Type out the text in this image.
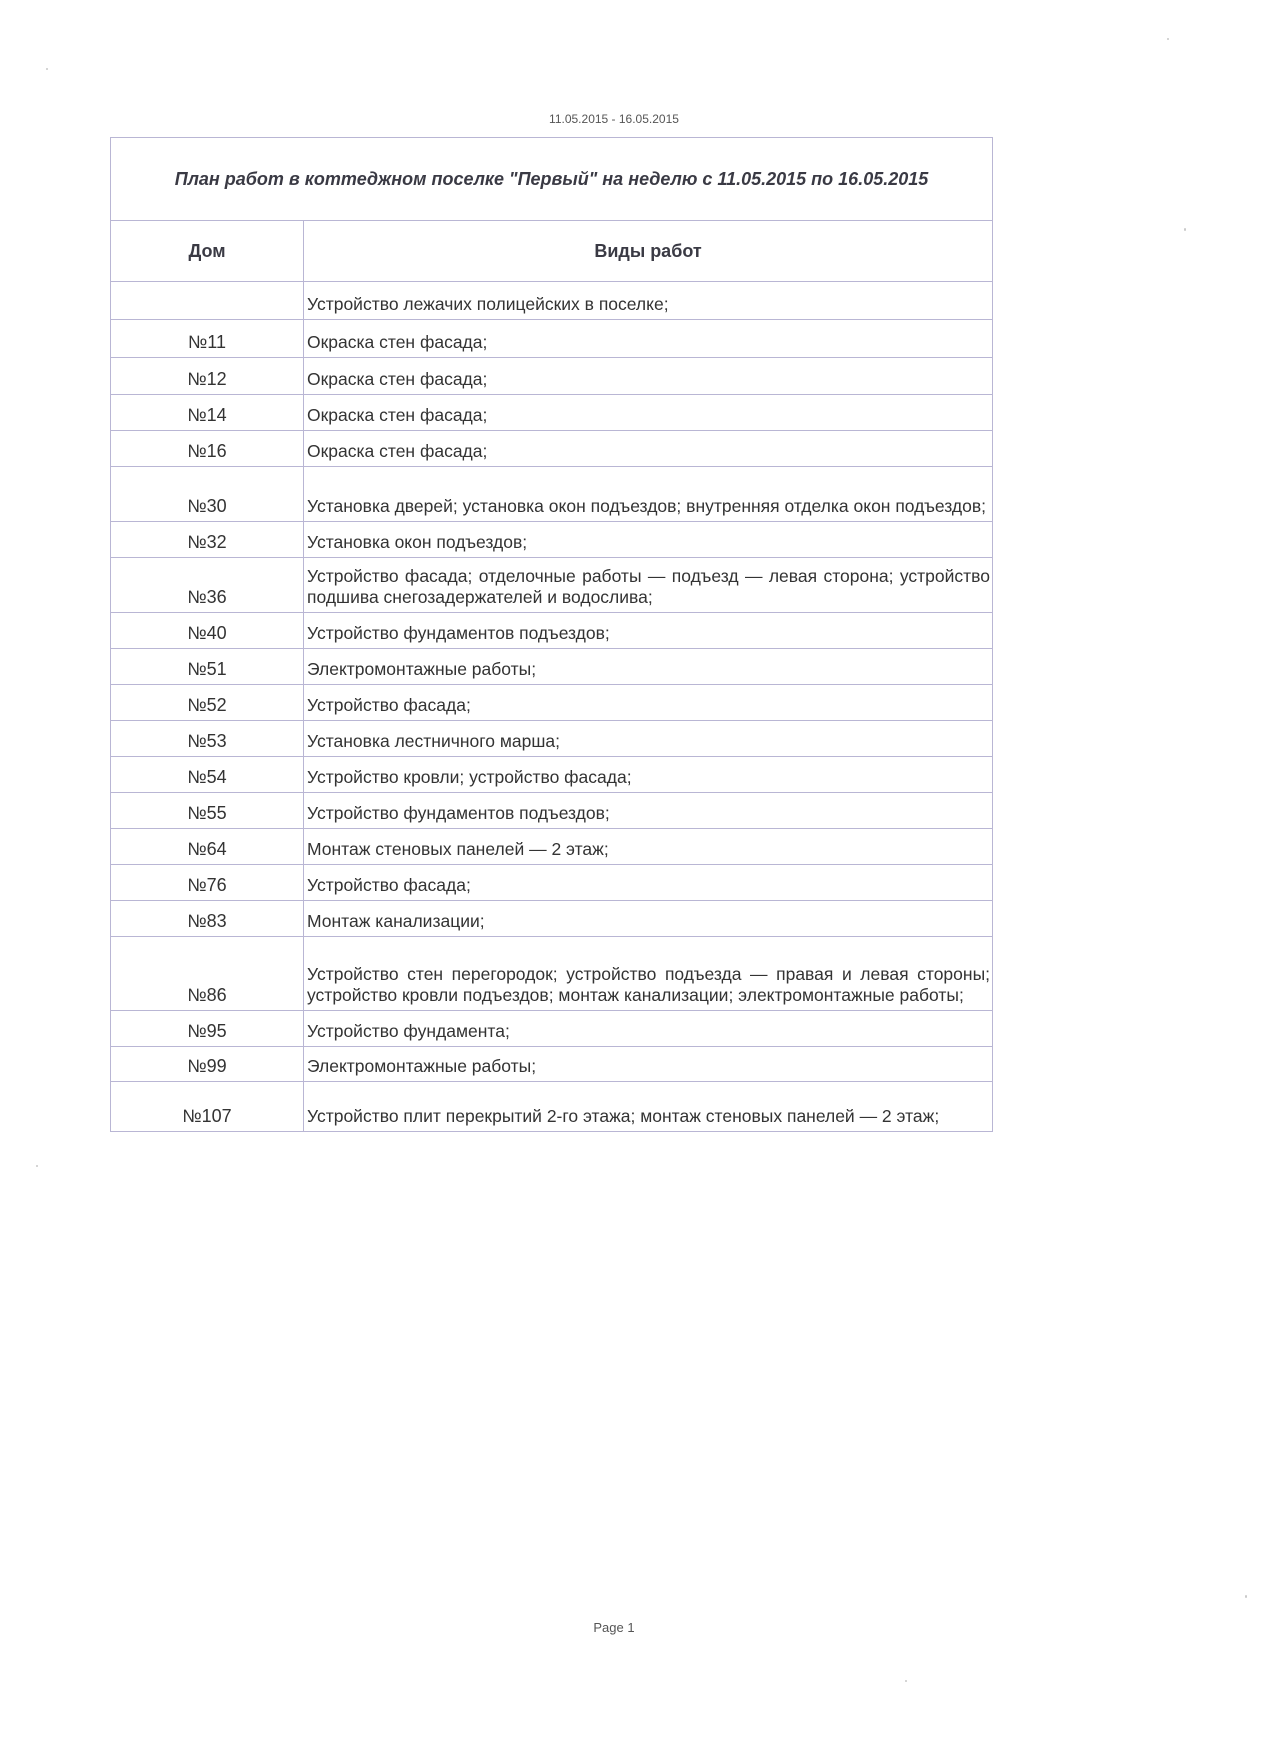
11.05.2015 - 16.05.2015
План работ в коттеджном поселке "Первый" на неделю с 11.05.2015 по 16.05.2015	
Дом	Виды работ
	Устройство лежачих полицейских в поселке;
№11	Окраска стен фасада;
№12	Окраска стен фасада;
№14	Окраска стен фасада;
№16	Окраска стен фасада;
№30	Установка дверей; установка окон подъездов; внутренняя отделка окон подъездов;
№32	Установка окон подъездов;
№36	Устройство фасада; отделочные работы — подъезд — левая сторона; устройство подшива снегозадержателей и водослива;
№40	Устройство фундаментов подъездов;
№51	Электромонтажные работы;
№52	Устройство фасада;
№53	Установка лестничного марша;
№54	Устройство кровли; устройство фасада;
№55	Устройство фундаментов подъездов;
№64	Монтаж стеновых панелей — 2 этаж;
№76	Устройство фасада;
№83	Монтаж канализации;
№86	Устройство стен перегородок; устройство подъезда — правая и левая стороны; устройство кровли подъездов; монтаж канализации; электромонтажные работы;
№95	Устройство фундамента;
№99	Электромонтажные работы;
№107	Устройство плит перекрытий 2-го этажа; монтаж стеновых панелей — 2 этаж;
Page 1
